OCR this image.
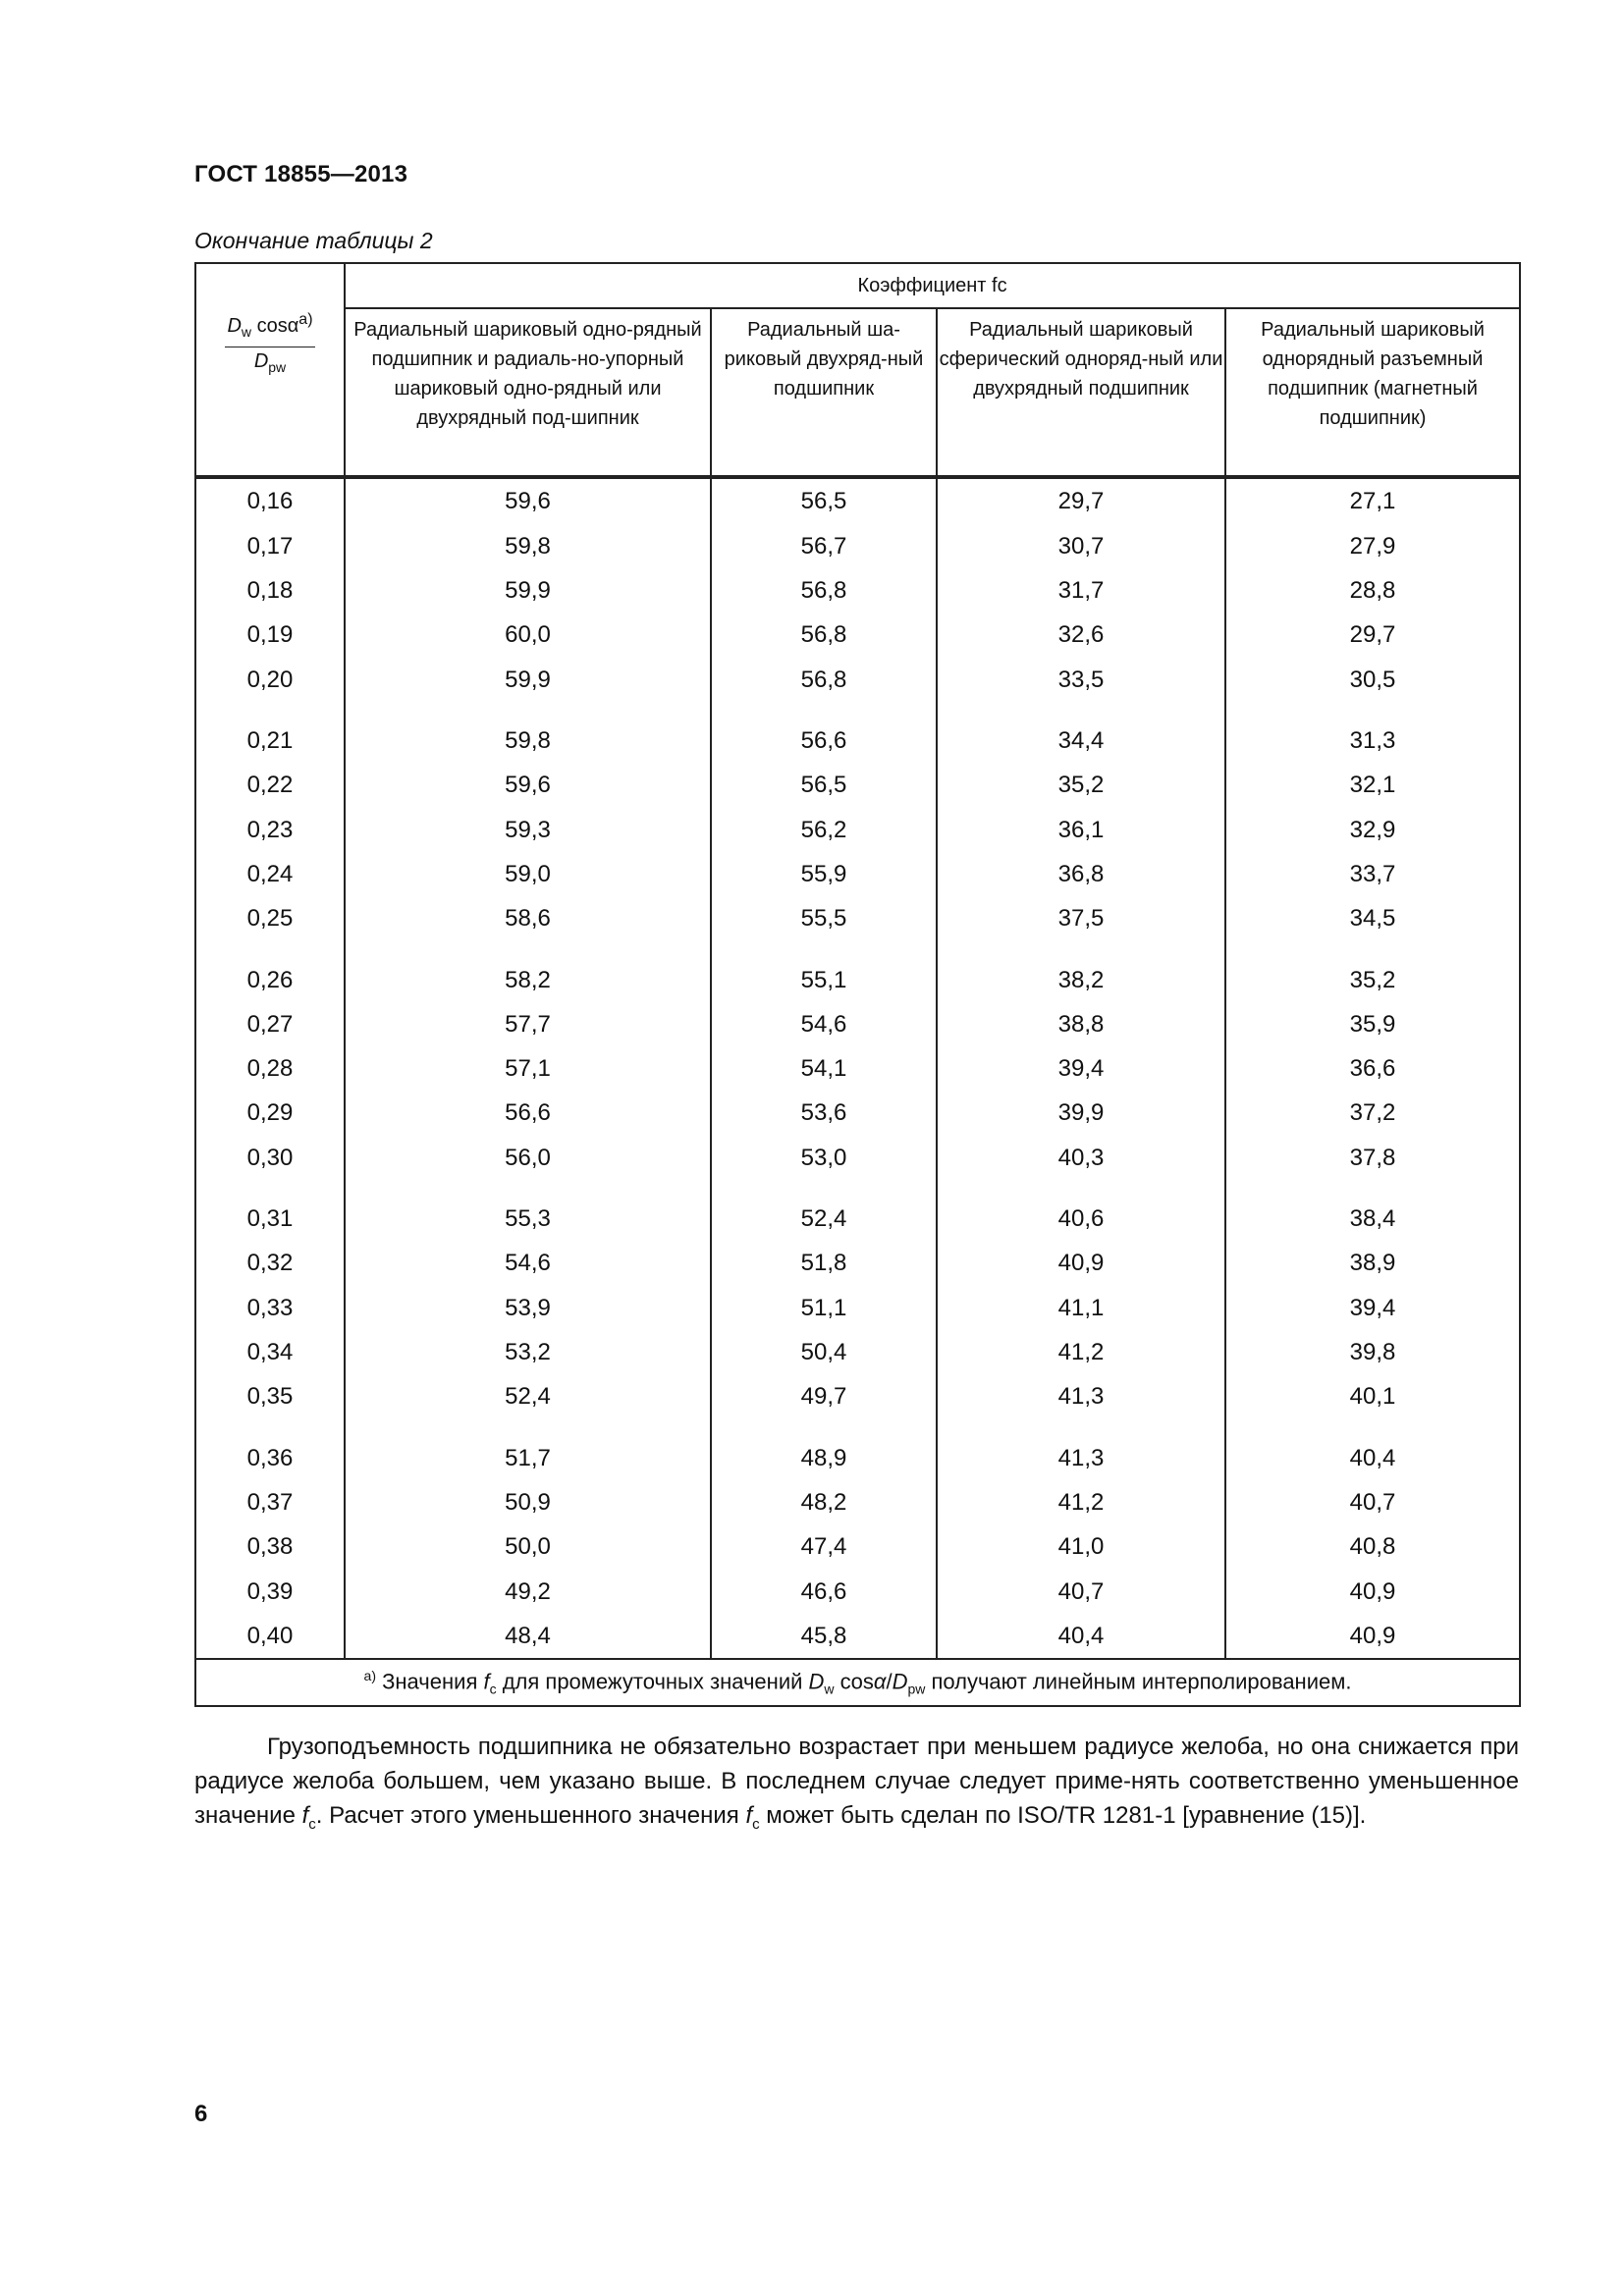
ГОСТ 18855—2013
Окончание таблицы 2
$\frac{D_w \cos\alpha^{а)}}{D_{pw}}$	Коэффициент fc			
	Радиальный шариковый одно-рядный подшипник и радиаль-но-упорный шариковый одно-рядный или двухрядный под-шипник	Радиальный ша-риковый двухряд-ный подшипник	Радиальный шариковый сферический одноряд-ный или двухрядный подшипник	Радиальный шариковый однорядный разъемный подшипник (магнетный подшипник)
0,16	59,6	56,5	29,7	27,1
0,17	59,8	56,7	30,7	27,9
0,18	59,9	56,8	31,7	28,8
0,19	60,0	56,8	32,6	29,7
0,20	59,9	56,8	33,5	30,5
0,21	59,8	56,6	34,4	31,3
0,22	59,6	56,5	35,2	32,1
0,23	59,3	56,2	36,1	32,9
0,24	59,0	55,9	36,8	33,7
0,25	58,6	55,5	37,5	34,5
0,26	58,2	55,1	38,2	35,2
0,27	57,7	54,6	38,8	35,9
0,28	57,1	54,1	39,4	36,6
0,29	56,6	53,6	39,9	37,2
0,30	56,0	53,0	40,3	37,8
0,31	55,3	52,4	40,6	38,4
0,32	54,6	51,8	40,9	38,9
0,33	53,9	51,1	41,1	39,4
0,34	53,2	50,4	41,2	39,8
0,35	52,4	49,7	41,3	40,1
0,36	51,7	48,9	41,3	40,4
0,37	50,9	48,2	41,2	40,7
0,38	50,0	47,4	41,0	40,8
0,39	49,2	46,6	40,7	40,9
0,40	48,4	45,8	40,4	40,9
$^{а)}$ Значения $f_c$ для промежуточных значений $D_w$ cosα/$D_{pw}$ получают линейным интерполированием.				

Грузоподъемность подшипника не обязательно возрастает при меньшем радиусе желоба, но она снижается при радиусе желоба большем, чем указано выше. В последнем случае следует приме-нять соответственно уменьшенное значение $f_c$. Расчет этого уменьшенного значения $f_c$ может быть сделан по ISO/TR 1281-1 [уравнение (15)].

6
